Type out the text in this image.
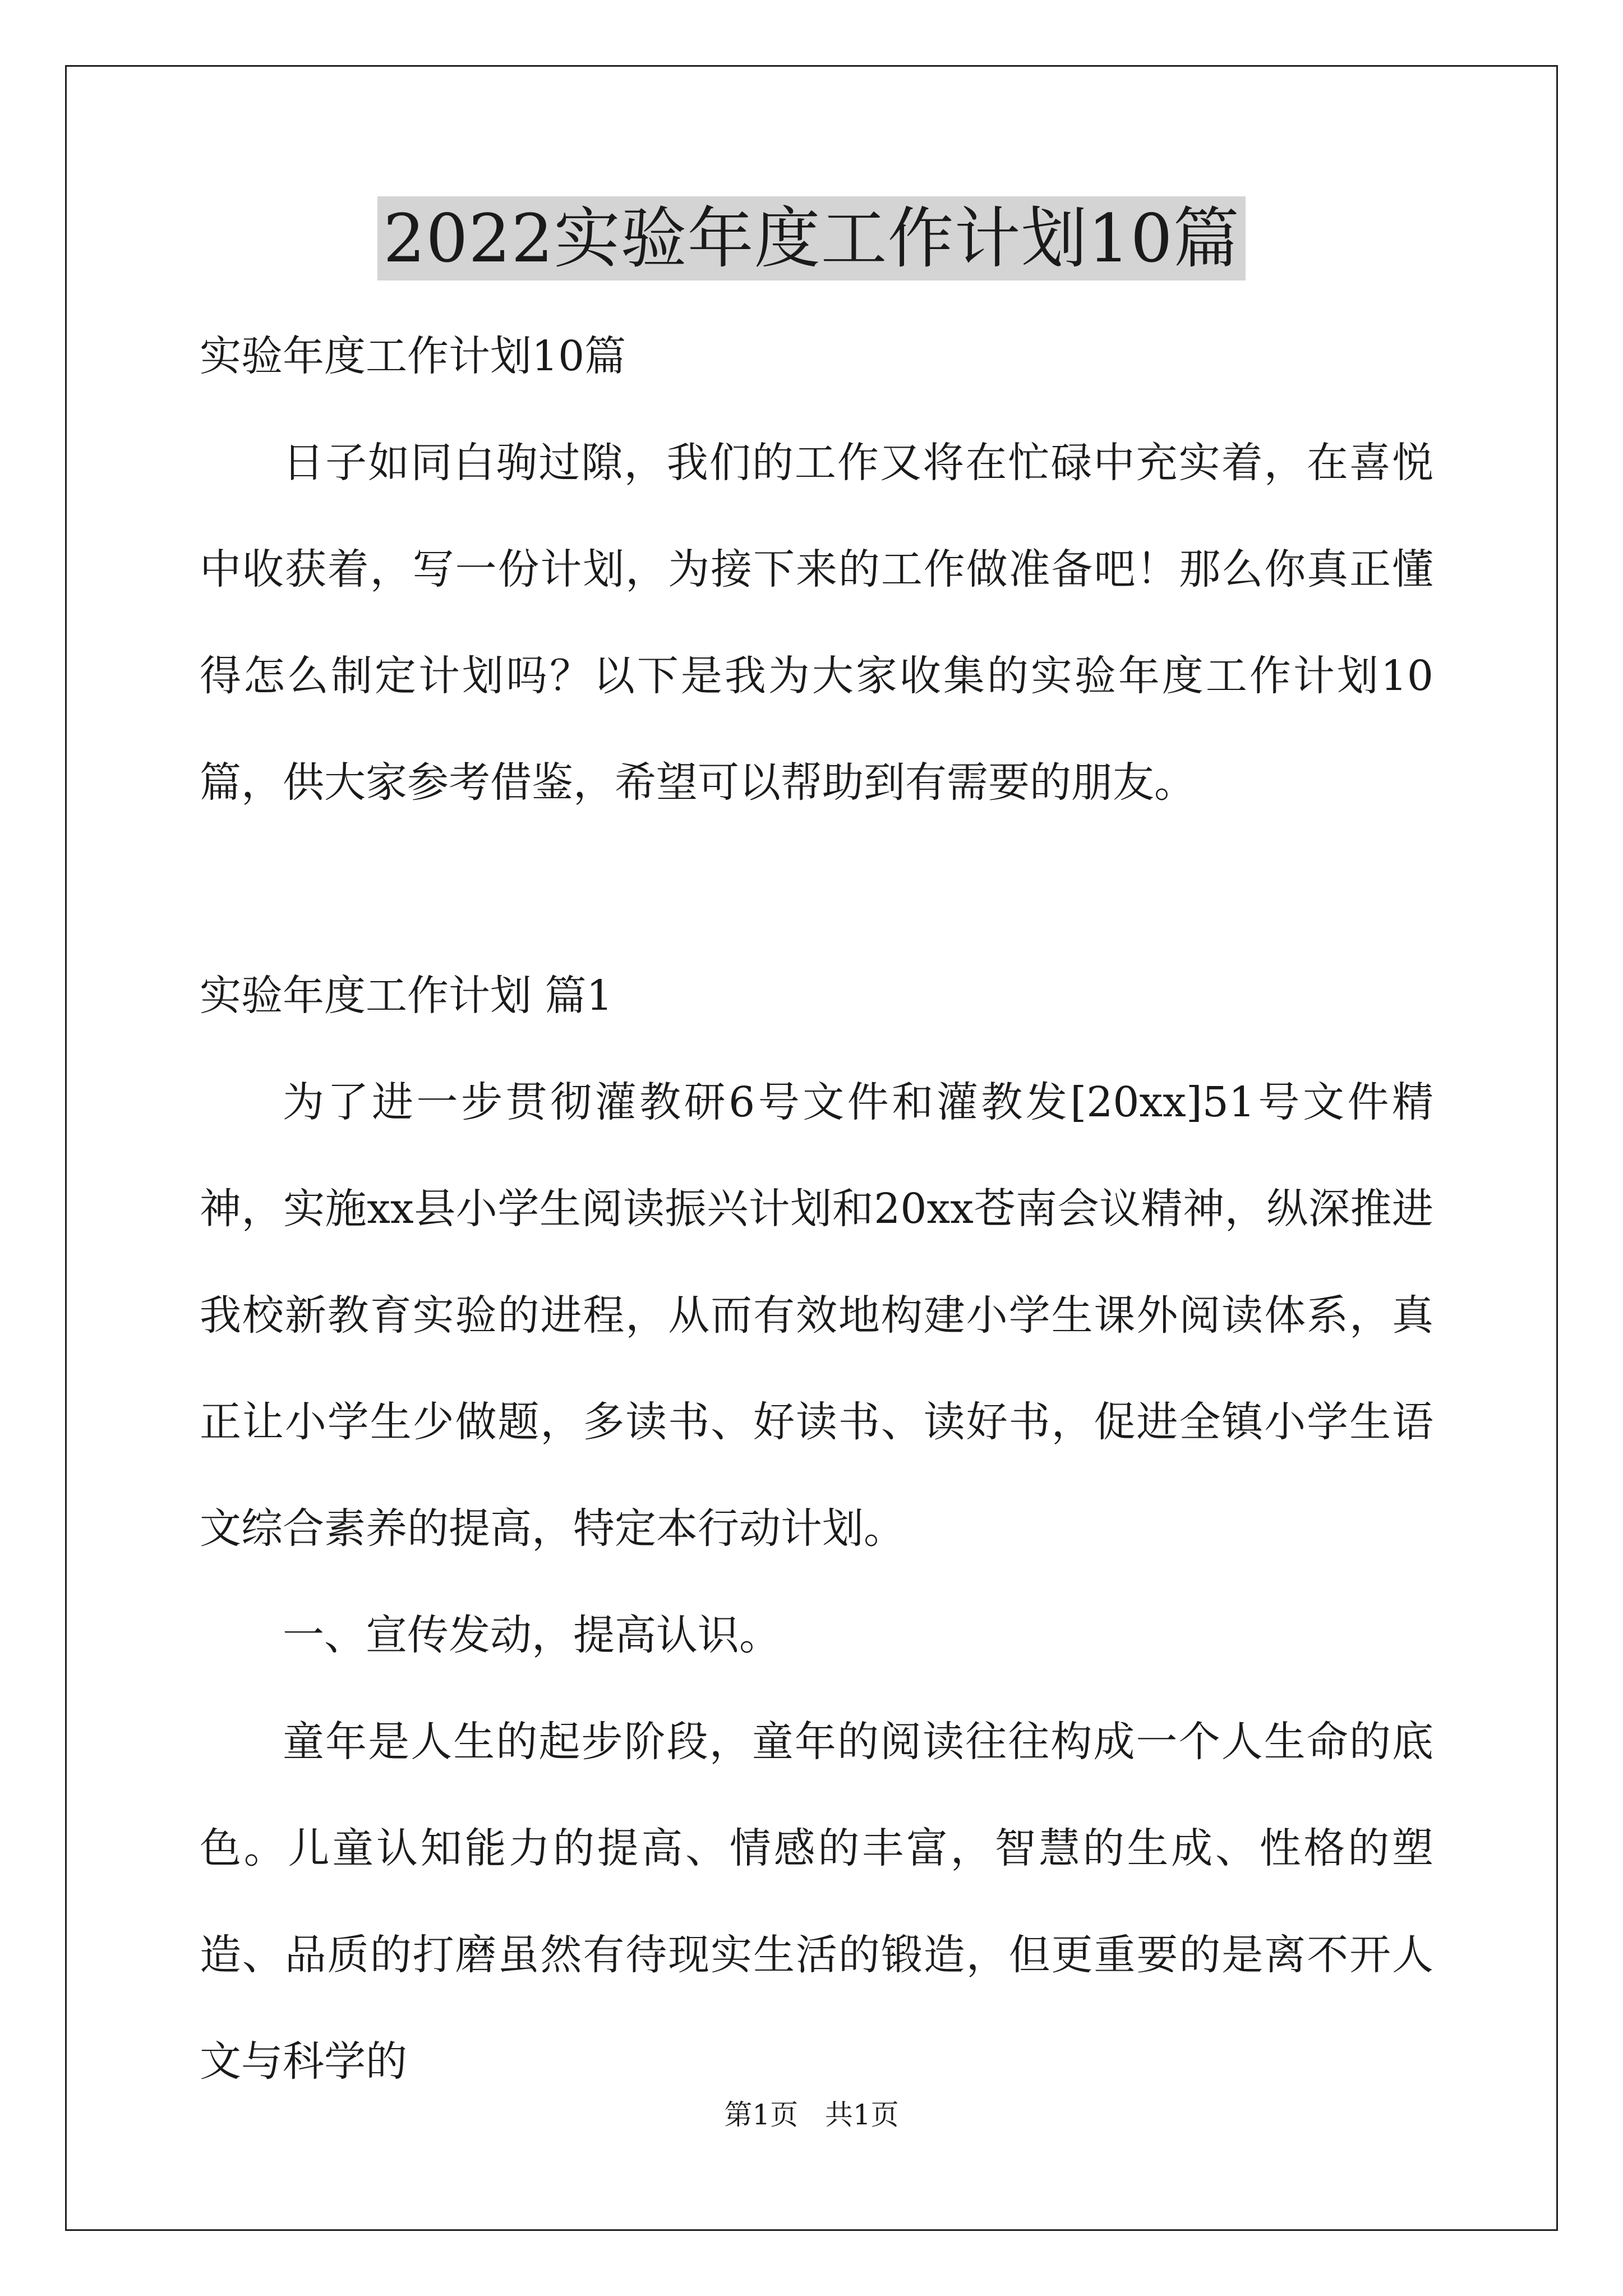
2022实验年度工作计划10篇

实验年度工作计划10篇

日子如同白驹过隙，我们的工作又将在忙碌中充实着，在喜悦中收获着，写一份计划，为接下来的工作做准备吧！那么你真正懂得怎么制定计划吗？以下是我为大家收集的实验年度工作计划10篇，供大家参考借鉴，希望可以帮助到有需要的朋友。

实验年度工作计划 篇1

为了进一步贯彻灌教研6号文件和灌教发[20xx]51号文件精神，实施xx县小学生阅读振兴计划和20xx苍南会议精神，纵深推进我校新教育实验的进程，从而有效地构建小学生课外阅读体系，真正让小学生少做题，多读书、好读书、读好书，促进全镇小学生语文综合素养的提高，特定本行动计划。

一、宣传发动，提高认识。

童年是人生的起步阶段，童年的阅读往往构成一个人生命的底色。儿童认知能力的提高、情感的丰富，智慧的生成、性格的塑造、品质的打磨虽然有待现实生活的锻造，但更重要的是离不开人文与科学的

第1页   共1页
